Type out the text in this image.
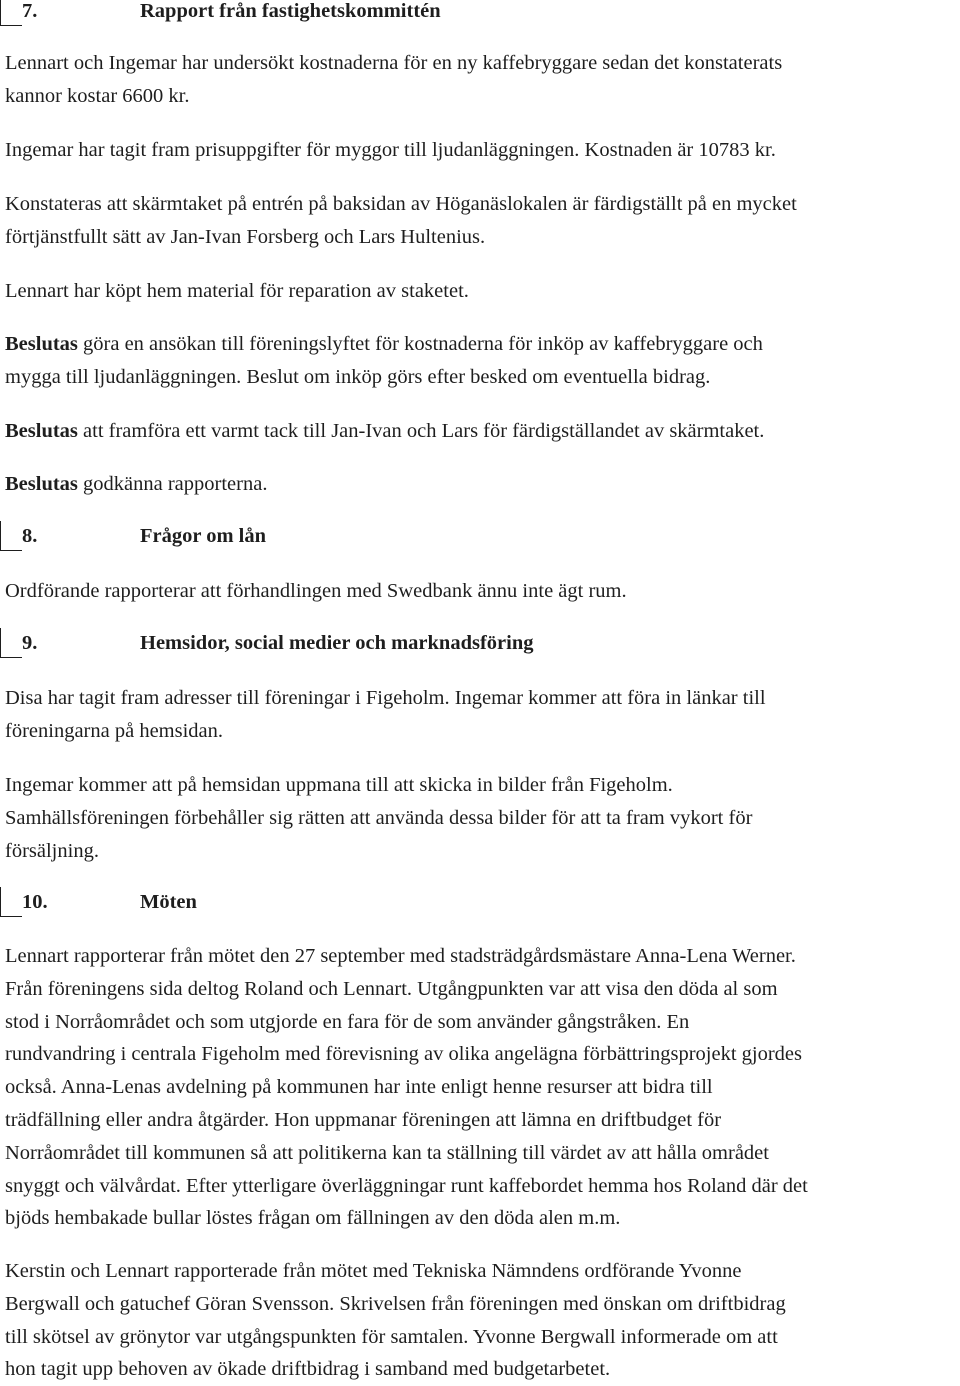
7.	Rapport från fastighetskommittén

Lennart och Ingemar har undersökt kostnaderna för en ny kaffebryggare sedan det konstaterats
kannor kostar 6600 kr.

Ingemar har tagit fram prisuppgifter för myggor till ljudanläggningen. Kostnaden är 10783 kr.

Konstateras att skärmtaket på entrén på baksidan av Höganäslokalen är färdigställt på en mycket
förtjänstfullt sätt av Jan-Ivan Forsberg och Lars Hultenius.

Lennart har köpt hem material för reparation av staketet.

Beslutas göra en ansökan till föreningslyftet för kostnaderna för inköp av kaffebryggare och
mygga till ljudanläggningen. Beslut om inköp görs efter besked om eventuella bidrag.

Beslutas att framföra ett varmt tack till Jan-Ivan och Lars för färdigställandet av skärmtaket.

Beslutas godkänna rapporterna.

8.	Frågor om lån

Ordförande rapporterar att förhandlingen med Swedbank ännu inte ägt rum.

9.	Hemsidor, social medier och marknadsföring

Disa har tagit fram adresser till föreningar i Figeholm. Ingemar kommer att föra in länkar till
föreningarna på hemsidan.

Ingemar kommer att på hemsidan uppmana till att skicka in bilder från Figeholm.
Samhällsföreningen förbehåller sig rätten att använda dessa bilder för att ta fram vykort för
försäljning.

10.	Möten

Lennart rapporterar från mötet den 27 september med stadsträdgårdsmästare Anna-Lena Werner.
Från föreningens sida deltog Roland och Lennart. Utgångpunkten var att visa den döda al som
stod i Norråområdet och som utgjorde en fara för de som använder gångstråken. En
rundvandring i centrala Figeholm med förevisning av olika angelägna förbättringsprojekt gjordes
också. Anna-Lenas avdelning på kommunen har inte enligt henne resurser att bidra till
trädfällning eller andra åtgärder. Hon uppmanar föreningen att lämna en driftbudget för
Norråområdet till kommunen så att politikerna kan ta ställning till värdet av att hålla området
snyggt och välvårdat. Efter ytterligare överläggningar runt kaffebordet hemma hos Roland där det
bjöds hembakade bullar löstes frågan om fällningen av den döda alen m.m.

Kerstin och Lennart rapporterade från mötet med Tekniska Nämndens ordförande Yvonne
Bergwall och gatuchef Göran Svensson. Skrivelsen från föreningen med önskan om driftbidrag
till skötsel av grönytor var utgångspunkten för samtalen. Yvonne Bergwall informerade om att
hon tagit upp behoven av ökade driftbidrag i samband med budgetarbetet.
